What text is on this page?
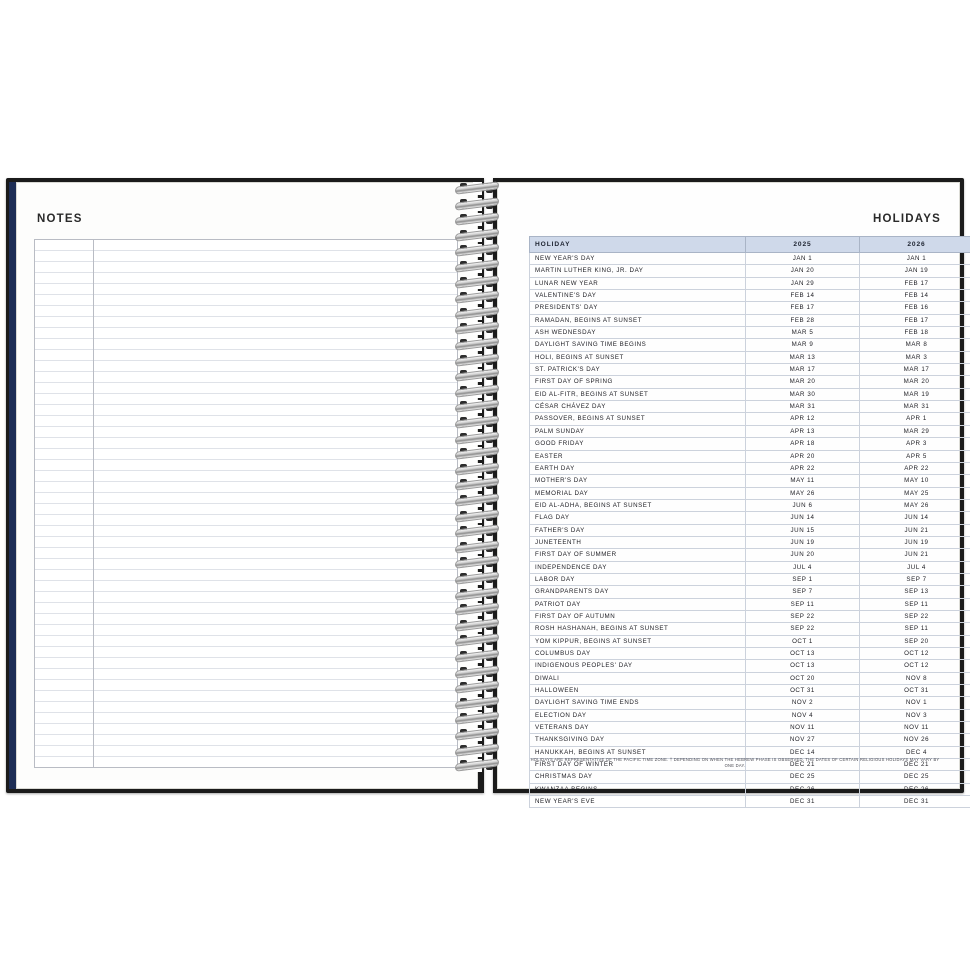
NOTES	HOLIDAYS
HOLIDAY	2025	2026
NEW YEAR'S DAY	JAN 1	JAN 1
MARTIN LUTHER KING, JR. DAY	JAN 20	JAN 19
LUNAR NEW YEAR	JAN 29	FEB 17
VALENTINE'S DAY	FEB 14	FEB 14
PRESIDENTS' DAY	FEB 17	FEB 16
RAMADAN, BEGINS AT SUNSET	FEB 28	FEB 17
ASH WEDNESDAY	MAR 5	FEB 18
DAYLIGHT SAVING TIME BEGINS	MAR 9	MAR 8
HOLI, BEGINS AT SUNSET	MAR 13	MAR 3
ST. PATRICK'S DAY	MAR 17	MAR 17
FIRST DAY OF SPRING	MAR 20	MAR 20
EID AL-FITR, BEGINS AT SUNSET	MAR 30	MAR 19
CÉSAR CHÁVEZ DAY	MAR 31	MAR 31
PASSOVER, BEGINS AT SUNSET	APR 12	APR 1
PALM SUNDAY	APR 13	MAR 29
GOOD FRIDAY	APR 18	APR 3
EASTER	APR 20	APR 5
EARTH DAY	APR 22	APR 22
MOTHER'S DAY	MAY 11	MAY 10
MEMORIAL DAY	MAY 26	MAY 25
EID AL-ADHA, BEGINS AT SUNSET	JUN 6	MAY 26
FLAG DAY	JUN 14	JUN 14
FATHER'S DAY	JUN 15	JUN 21
JUNETEENTH	JUN 19	JUN 19
FIRST DAY OF SUMMER	JUN 20	JUN 21
INDEPENDENCE DAY	JUL 4	JUL 4
LABOR DAY	SEP 1	SEP 7
GRANDPARENTS DAY	SEP 7	SEP 13
PATRIOT DAY	SEP 11	SEP 11
FIRST DAY OF AUTUMN	SEP 22	SEP 22
ROSH HASHANAH, BEGINS AT SUNSET	SEP 22	SEP 11
YOM KIPPUR, BEGINS AT SUNSET	OCT 1	SEP 20
COLUMBUS DAY	OCT 13	OCT 12
INDIGENOUS PEOPLES' DAY	OCT 13	OCT 12
DIWALI	OCT 20	NOV 8
HALLOWEEN	OCT 31	OCT 31
DAYLIGHT SAVING TIME ENDS	NOV 2	NOV 1
ELECTION DAY	NOV 4	NOV 3
VETERANS DAY	NOV 11	NOV 11
THANKSGIVING DAY	NOV 27	NOV 26
HANUKKAH, BEGINS AT SUNSET	DEC 14	DEC 4
FIRST DAY OF WINTER	DEC 21	DEC 21
CHRISTMAS DAY	DEC 25	DEC 25
KWANZAA BEGINS	DEC 26	DEC 26
NEW YEAR'S EVE	DEC 31	DEC 31
HOLIDAYS ARE REPRESENTATIVE OF THE PACIFIC TIME ZONE. † DEPENDING ON WHEN THE HEBREW PHASE IS OBSERVED, THE DATES OF CERTAIN RELIGIOUS HOLIDAYS MAY VARY BY ONE DAY.
